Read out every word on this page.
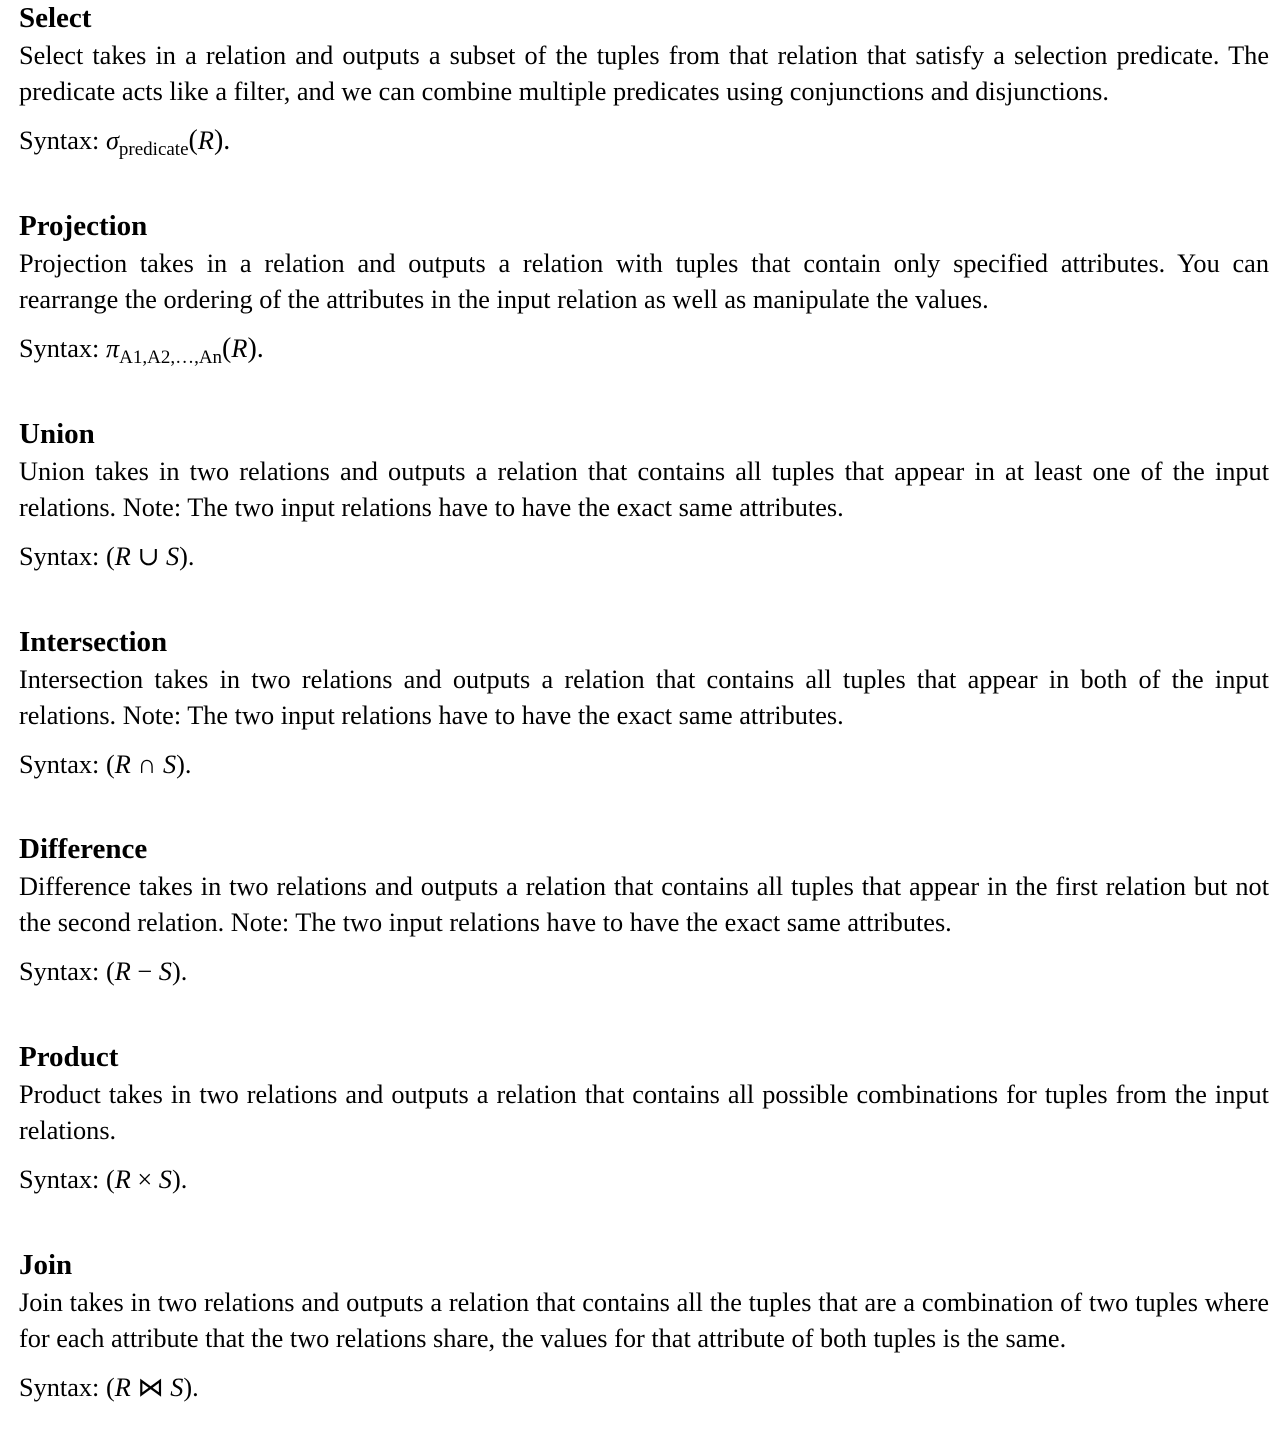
Select

Select takes in a relation and outputs a subset of the tuples from that relation that satisfy a selection predicate. The predicate acts like a filter, and we can combine multiple predicates using conjunctions and disjunctions.

Syntax: $\sigma_{predicate}(R)$.

Projection

Projection takes in a relation and outputs a relation with tuples that contain only specified attributes. You can rearrange the ordering of the attributes in the input relation as well as manipulate the values.

Syntax: $\pi_{A1,A2,\dots,An}(R)$.

Union

Union takes in two relations and outputs a relation that contains all tuples that appear in at least one of the input relations. Note: The two input relations have to have the exact same attributes.

Syntax: (R ∪ S).

Intersection

Intersection takes in two relations and outputs a relation that contains all tuples that appear in both of the input relations. Note: The two input relations have to have the exact same attributes.

Syntax: (R ∩ S).

Difference

Difference takes in two relations and outputs a relation that contains all tuples that appear in the first relation but not the second relation. Note: The two input relations have to have the exact same attributes.

Syntax: (R − S).

Product

Product takes in two relations and outputs a relation that contains all possible combinations for tuples from the input relations.

Syntax: (R × S).

Join

Join takes in two relations and outputs a relation that contains all the tuples that are a combination of two tuples where for each attribute that the two relations share, the values for that attribute of both tuples is the same.

Syntax: (R ⋈ S).
